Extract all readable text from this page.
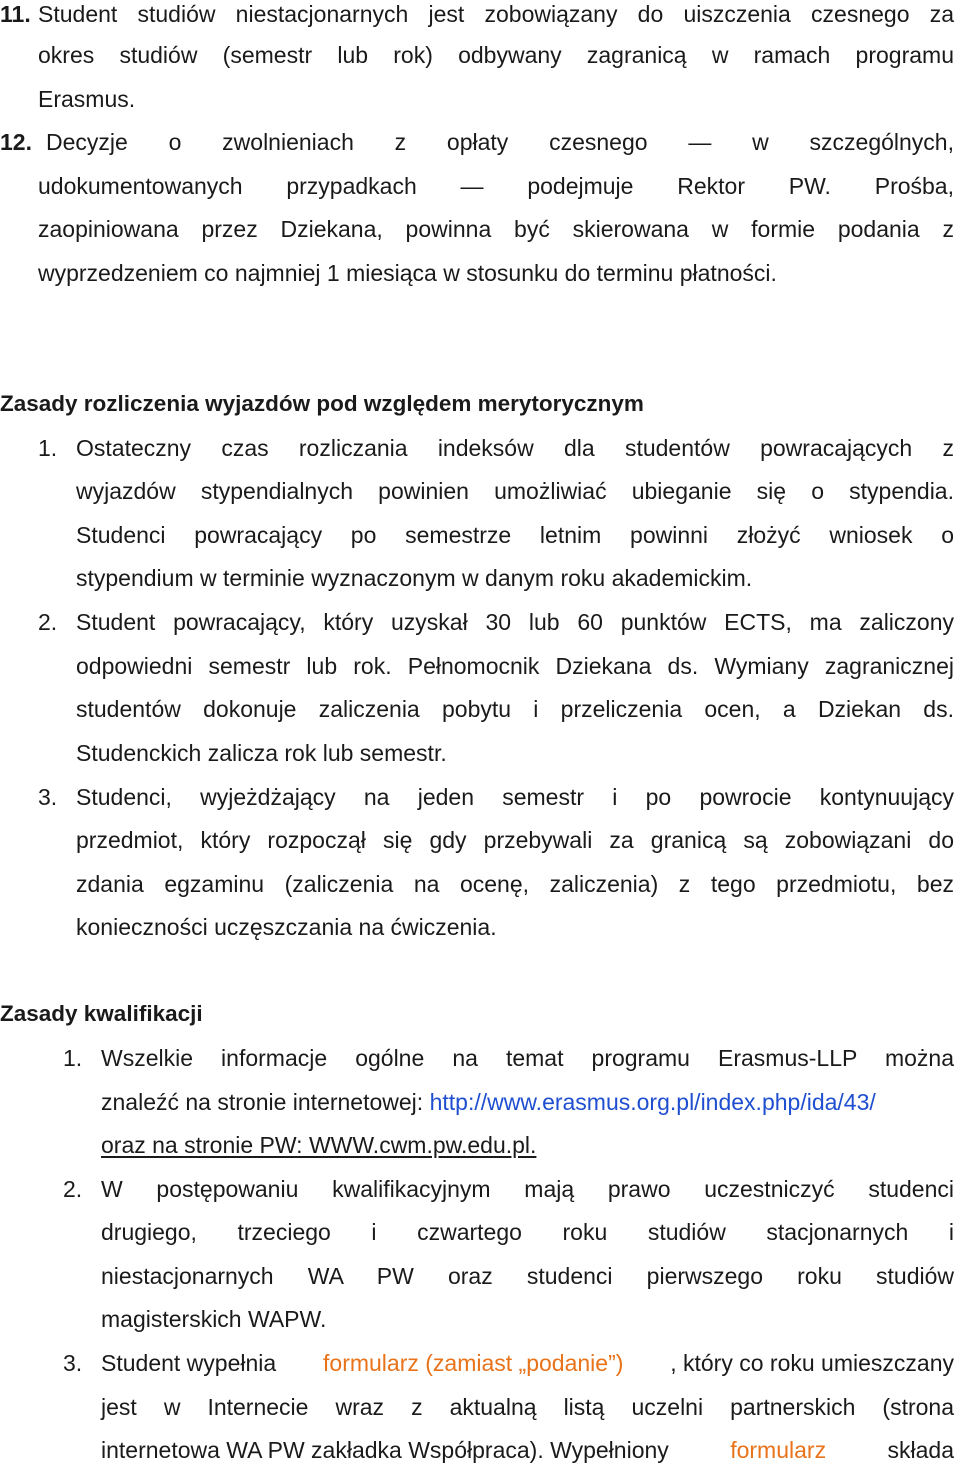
11. Student studiów niestacjonarnych jest zobowiązany do uiszczenia czesnego za
okres studiów (semestr lub rok) odbywany zagranicą w ramach programu
Erasmus.
12. Decyzje o zwolnieniach z opłaty czesnego — w szczególnych,
udokumentowanych przypadkach — podejmuje Rektor PW. Prośba,
zaopiniowana przez Dziekana, powinna być skierowana w formie podania z
wyprzedzeniem co najmniej 1 miesiąca w stosunku do terminu płatności.
Zasady rozliczenia wyjazdów pod względem merytorycznym
1. Ostateczny czas rozliczania indeksów dla studentów powracających z
wyjazdów stypendialnych powinien umożliwiać ubieganie się o stypendia.
Studenci powracający po semestrze letnim powinni złożyć wniosek o
stypendium w terminie wyznaczonym w danym roku akademickim.
2. Student powracający, który uzyskał 30 lub 60 punktów ECTS, ma zaliczony
odpowiedni semestr lub rok. Pełnomocnik Dziekana ds. Wymiany zagranicznej
studentów dokonuje zaliczenia pobytu i przeliczenia ocen, a Dziekan ds.
Studenckich zalicza rok lub semestr.
3. Studenci, wyjeżdżający na jeden semestr i po powrocie kontynuujący
przedmiot, który rozpoczął się gdy przebywali za granicą są zobowiązani do
zdania egzaminu (zaliczenia na ocenę, zaliczenia) z tego przedmiotu, bez
konieczności uczęszczania na ćwiczenia.
Zasady kwalifikacji
1. Wszelkie informacje ogólne na temat programu Erasmus-LLP można
znaleźć na stronie internetowej: http://www.erasmus.org.pl/index.php/ida/43/
oraz na stronie PW: WWW.cwm.pw.edu.pl.
2. W postępowaniu kwalifikacyjnym mają prawo uczestniczyć studenci
drugiego, trzeciego i czwartego roku studiów stacjonarnych i
niestacjonarnych WA PW oraz studenci pierwszego roku studiów
magisterskich WAPW.
3. Student wypełnia formularz (zamiast „podanie”) , który co roku umieszczany
jest w Internecie wraz z aktualną listą uczelni partnerskich (strona
internetowa WA PW zakładka Współpraca). Wypełniony	formularz	składa
